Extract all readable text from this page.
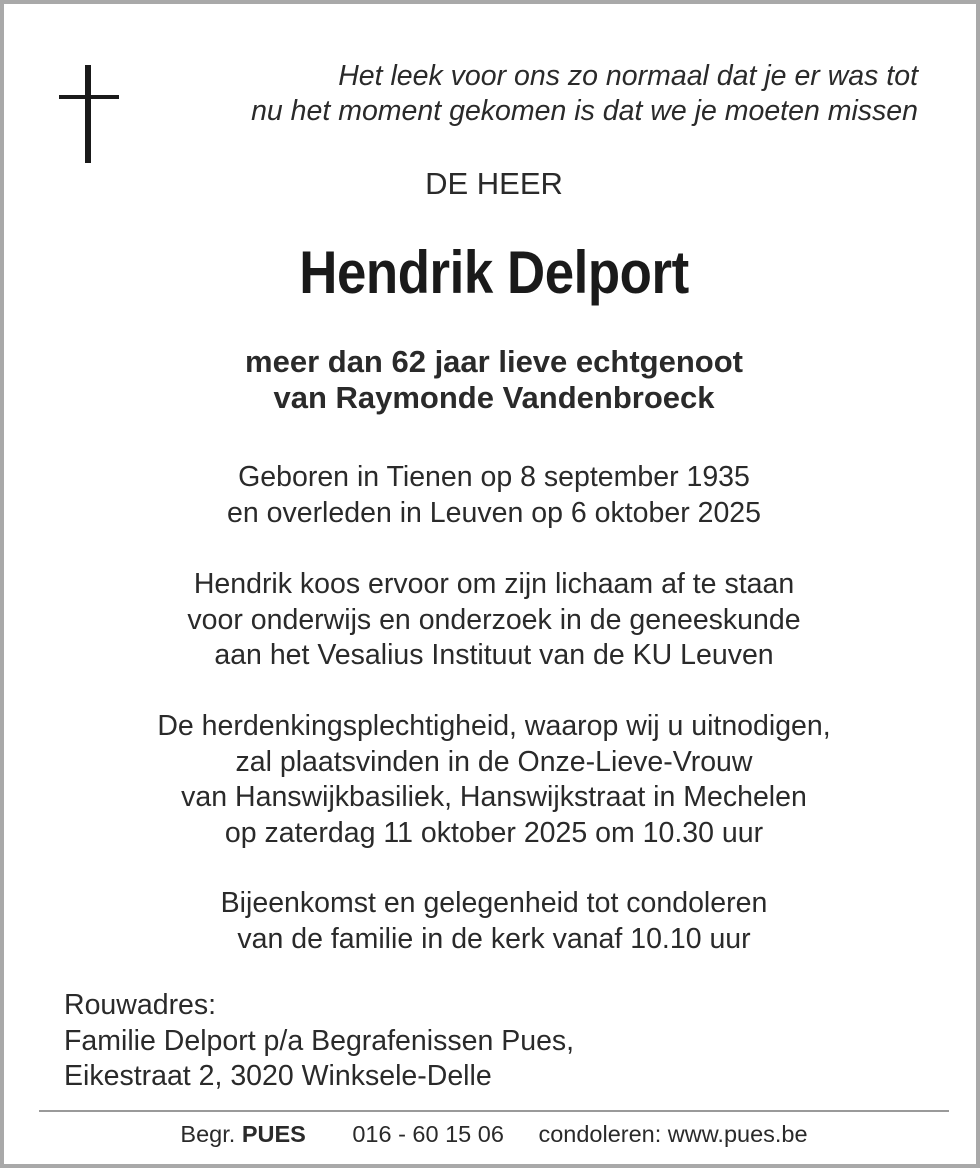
Het leek voor ons zo normaal dat je er was tot
nu het moment gekomen is dat we je moeten missen
DE HEER
Hendrik Delport
meer dan 62 jaar lieve echtgenoot
van Raymonde Vandenbroeck
Geboren in Tienen op 8 september 1935
en overleden in Leuven op 6 oktober 2025
Hendrik koos ervoor om zijn lichaam af te staan
voor onderwijs en onderzoek in de geneeskunde
aan het Vesalius Instituut van de KU Leuven
De herdenkingsplechtigheid, waarop wij u uitnodigen,
zal plaatsvinden in de Onze-Lieve-Vrouw
van Hanswijkbasiliek, Hanswijkstraat in Mechelen
op zaterdag 11 oktober 2025 om 10.30 uur
Bijeenkomst en gelegenheid tot condoleren
van de familie in de kerk vanaf 10.10 uur
Rouwadres:
Familie Delport p/a Begrafenissen Pues,
Eikestraat 2, 3020 Winksele-Delle
Begr. PUES 016 - 60 15 06 condoleren: www.pues.be
